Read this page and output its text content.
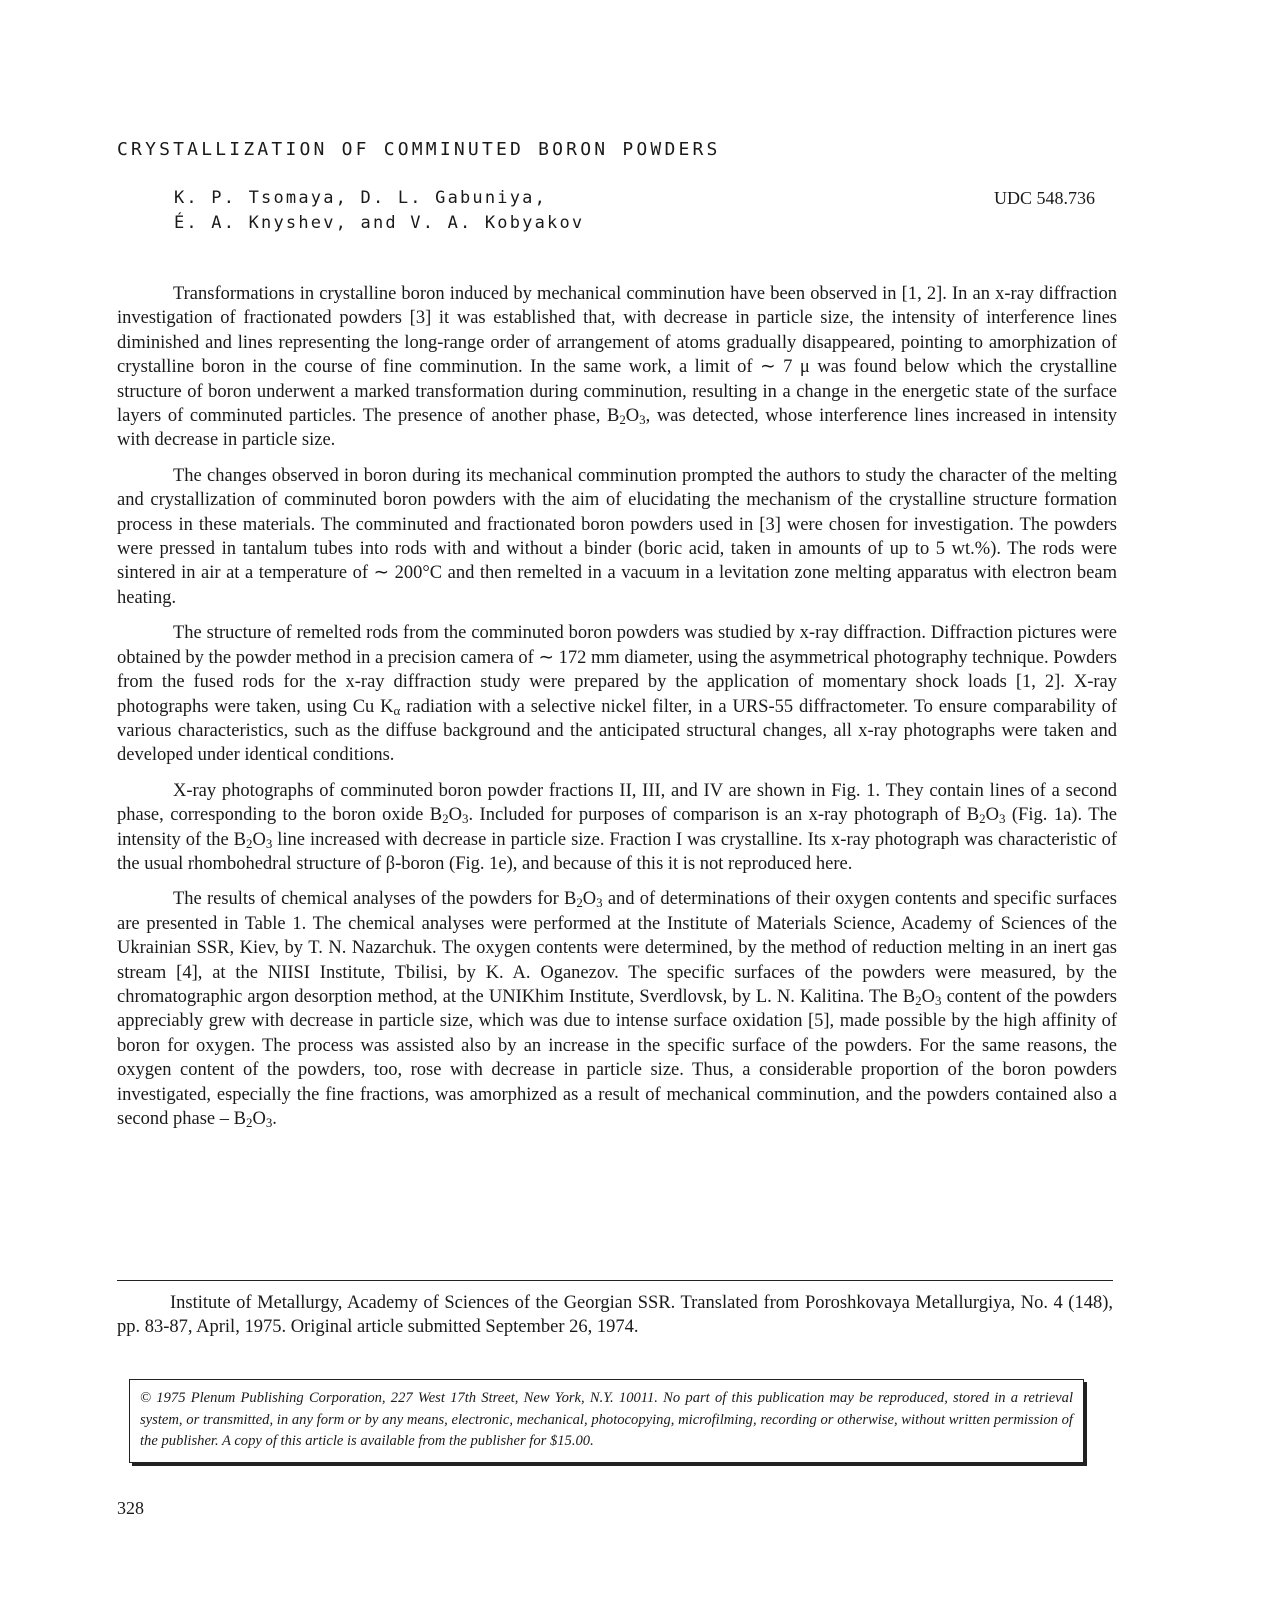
CRYSTALLIZATION OF COMMINUTED BORON POWDERS
K. P. Tsomaya, D. L. Gabuniya,
É. A. Knyshev, and V. A. Kobyakov
UDC 548.736

Transformations in crystalline boron induced by mechanical comminution have been observed in [1, 2]. In an x-ray diffraction investigation of fractionated powders [3] it was established that, with decrease in particle size, the intensity of interference lines diminished and lines representing the long-range order of arrangement of atoms gradually disappeared, pointing to amorphization of crystalline boron in the course of fine comminution. In the same work, a limit of ∼ 7 μ was found below which the crystalline structure of boron underwent a marked transformation during comminution, resulting in a change in the energetic state of the surface layers of comminuted particles. The presence of another phase, $B_2O_3$, was detected, whose interference lines increased in intensity with decrease in particle size.

The changes observed in boron during its mechanical comminution prompted the authors to study the character of the melting and crystallization of comminuted boron powders with the aim of elucidating the mechanism of the crystalline structure formation process in these materials. The comminuted and fractionated boron powders used in [3] were chosen for investigation. The powders were pressed in tantalum tubes into rods with and without a binder (boric acid, taken in amounts of up to 5 wt.%). The rods were sintered in air at a temperature of ∼ 200°C and then remelted in a vacuum in a levitation zone melting apparatus with electron beam heating.

The structure of remelted rods from the comminuted boron powders was studied by x-ray diffraction. Diffraction pictures were obtained by the powder method in a precision camera of ∼ 172 mm diameter, using the asymmetrical photography technique. Powders from the fused rods for the x-ray diffraction study were prepared by the application of momentary shock loads [1, 2]. X-ray photographs were taken, using Cu $K_\alpha$ radiation with a selective nickel filter, in a URS-55 diffractometer. To ensure comparability of various characteristics, such as the diffuse background and the anticipated structural changes, all x-ray photographs were taken and developed under identical conditions.

X-ray photographs of comminuted boron powder fractions II, III, and IV are shown in Fig. 1. They contain lines of a second phase, corresponding to the boron oxide $B_2O_3$. Included for purposes of comparison is an x-ray photograph of $B_2O_3$ (Fig. 1a). The intensity of the $B_2O_3$ line increased with decrease in particle size. Fraction I was crystalline. Its x-ray photograph was characteristic of the usual rhombohedral structure of β-boron (Fig. 1e), and because of this it is not reproduced here.

The results of chemical analyses of the powders for $B_2O_3$ and of determinations of their oxygen contents and specific surfaces are presented in Table 1. The chemical analyses were performed at the Institute of Materials Science, Academy of Sciences of the Ukrainian SSR, Kiev, by T. N. Nazarchuk. The oxygen contents were determined, by the method of reduction melting in an inert gas stream [4], at the NIISI Institute, Tbilisi, by K. A. Oganezov. The specific surfaces of the powders were measured, by the chromatographic argon desorption method, at the UNIKhim Institute, Sverdlovsk, by L. N. Kalitina. The $B_2O_3$ content of the powders appreciably grew with decrease in particle size, which was due to intense surface oxidation [5], made possible by the high affinity of boron for oxygen. The process was assisted also by an increase in the specific surface of the powders. For the same reasons, the oxygen content of the powders, too, rose with decrease in particle size. Thus, a considerable proportion of the boron powders investigated, especially the fine fractions, was amorphized as a result of mechanical comminution, and the powders contained also a second phase – $B_2O_3$.

Institute of Metallurgy, Academy of Sciences of the Georgian SSR. Translated from Poroshkovaya Metallurgiya, No. 4 (148), pp. 83-87, April, 1975. Original article submitted September 26, 1974.

© 1975 Plenum Publishing Corporation, 227 West 17th Street, New York, N.Y. 10011. No part of this publication may be reproduced, stored in a retrieval system, or transmitted, in any form or by any means, electronic, mechanical, photocopying, microfilming, recording or otherwise, without written permission of the publisher. A copy of this article is available from the publisher for $15.00.
328
